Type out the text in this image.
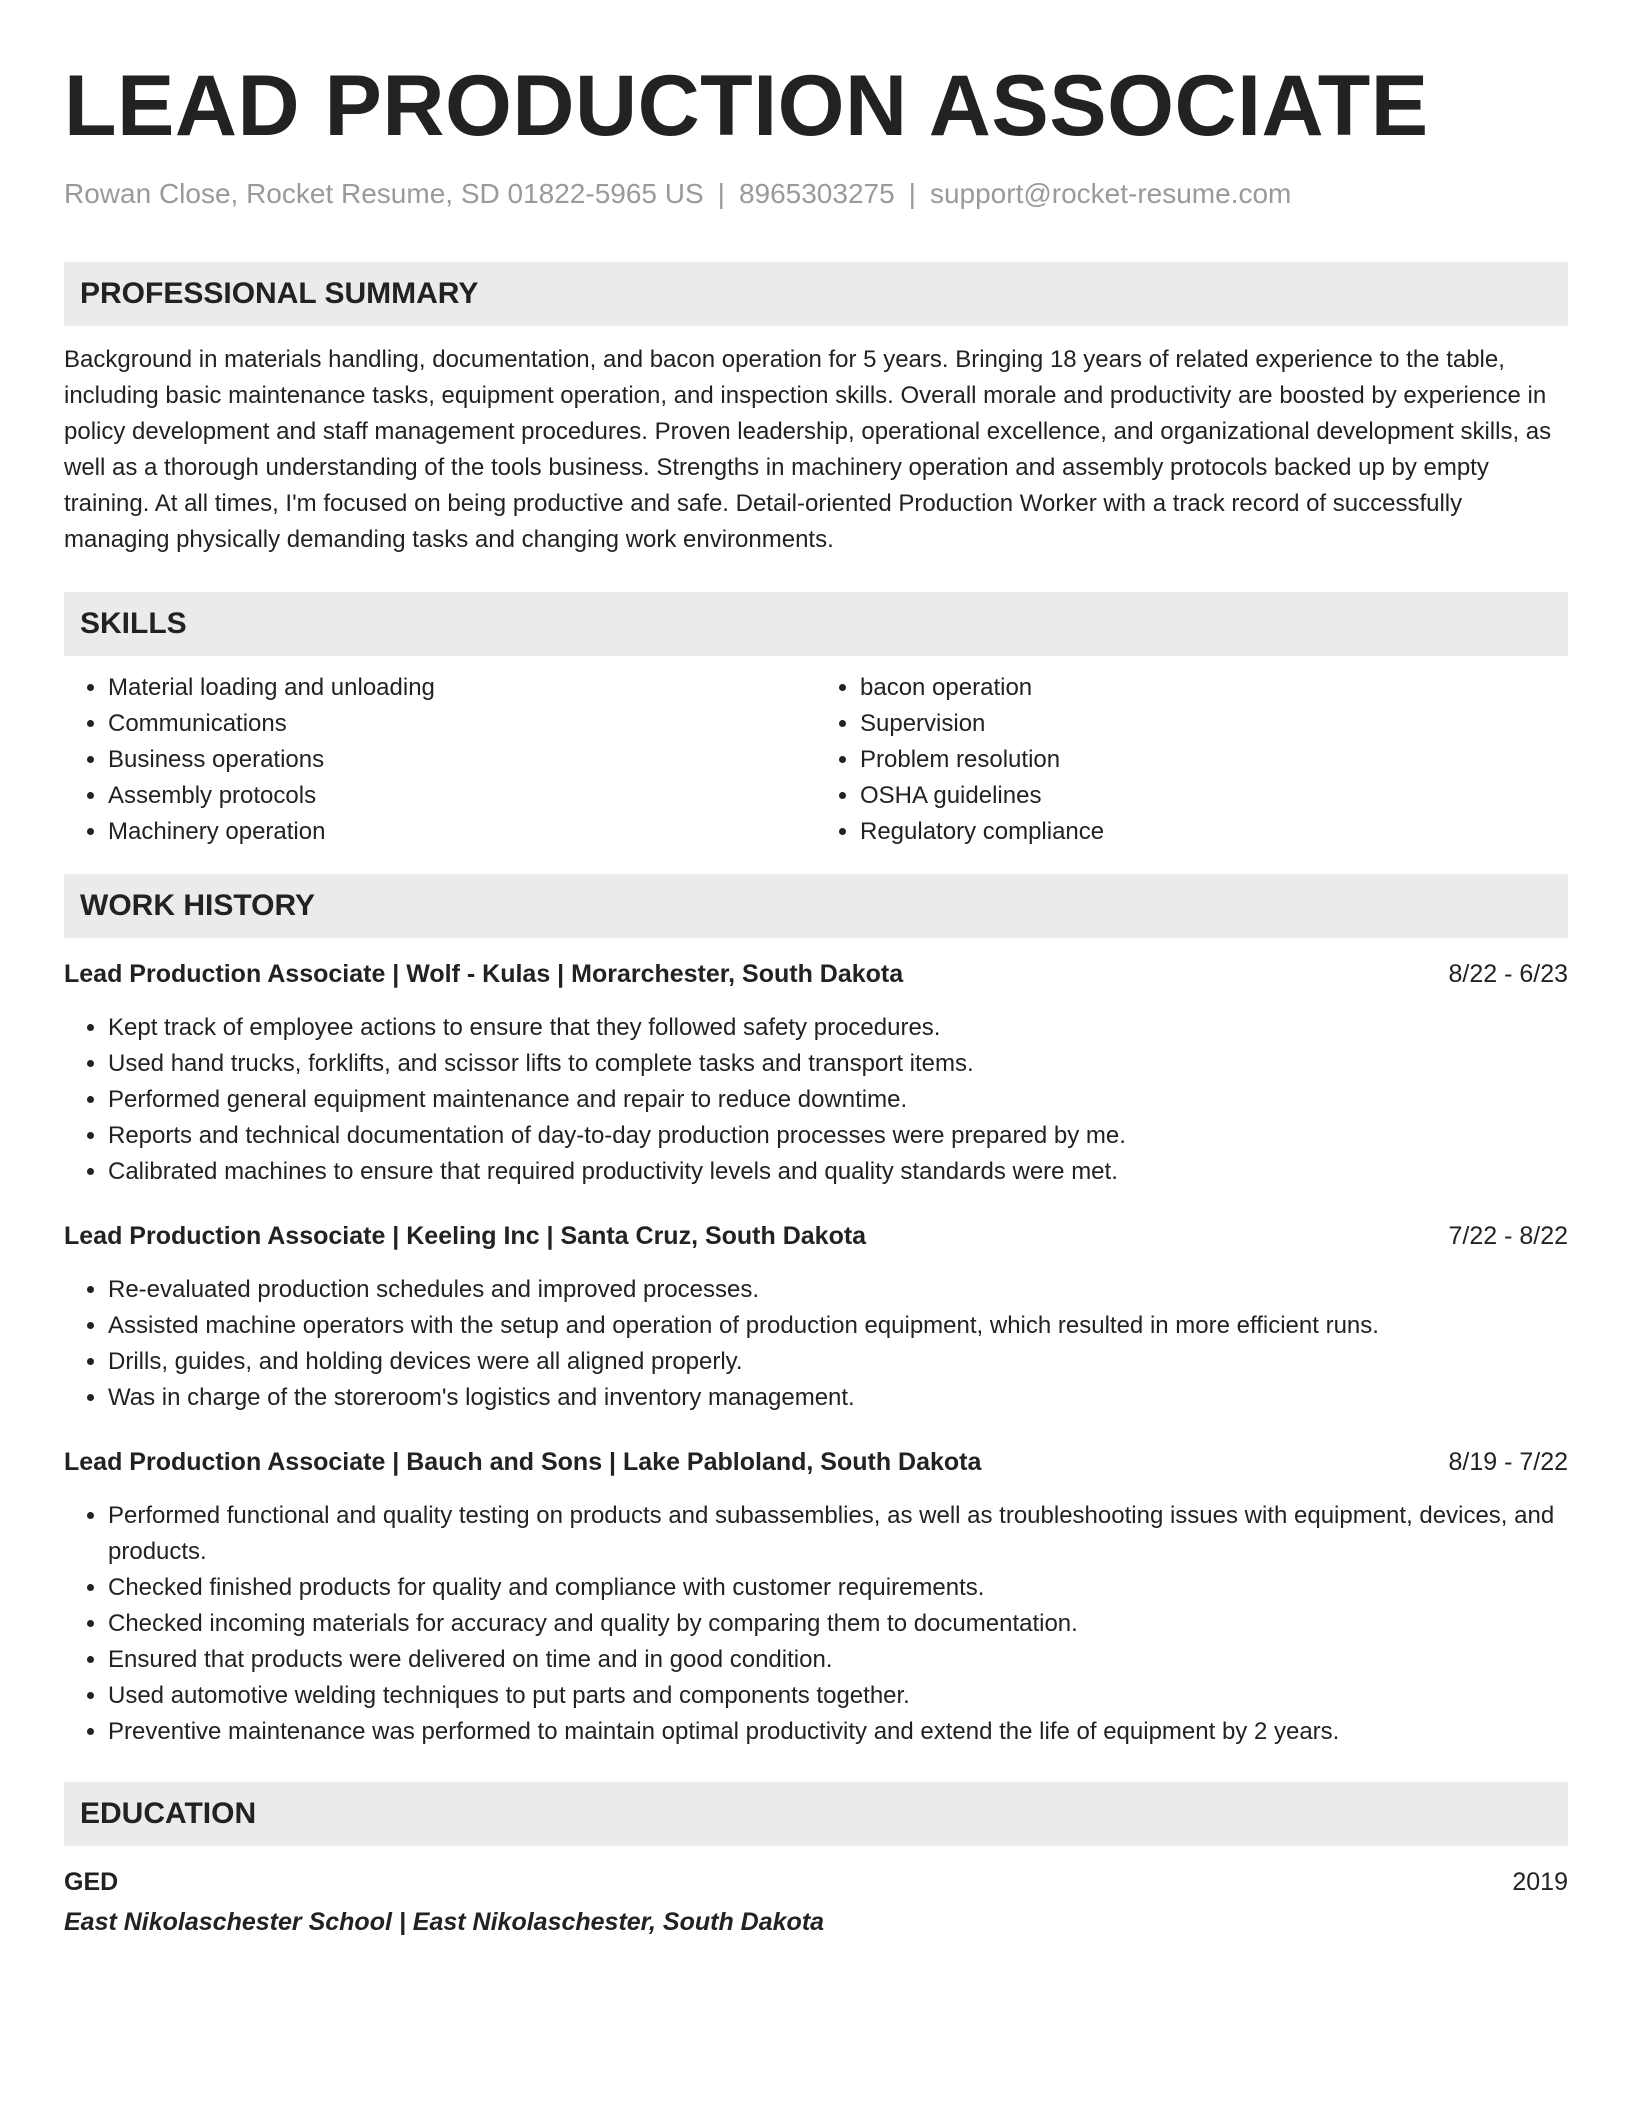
LEAD PRODUCTION ASSOCIATE
Rowan Close, Rocket Resume, SD 01822-5965 US | 8965303275 | support@rocket-resume.com
PROFESSIONAL SUMMARY
Background in materials handling, documentation, and bacon operation for 5 years. Bringing 18 years of related experience to the table, including basic maintenance tasks, equipment operation, and inspection skills. Overall morale and productivity are boosted by experience in policy development and staff management procedures. Proven leadership, operational excellence, and organizational development skills, as well as a thorough understanding of the tools business. Strengths in machinery operation and assembly protocols backed up by empty training. At all times, I'm focused on being productive and safe. Detail-oriented Production Worker with a track record of successfully managing physically demanding tasks and changing work environments.
SKILLS
• Material loading and unloading
• Communications
• Business operations
• Assembly protocols
• Machinery operation
• bacon operation
• Supervision
• Problem resolution
• OSHA guidelines
• Regulatory compliance
WORK HISTORY
Lead Production Associate | Wolf - Kulas | Morarchester, South Dakota	8/22 - 6/23
• Kept track of employee actions to ensure that they followed safety procedures.
• Used hand trucks, forklifts, and scissor lifts to complete tasks and transport items.
• Performed general equipment maintenance and repair to reduce downtime.
• Reports and technical documentation of day-to-day production processes were prepared by me.
• Calibrated machines to ensure that required productivity levels and quality standards were met.
Lead Production Associate | Keeling Inc | Santa Cruz, South Dakota	7/22 - 8/22
• Re-evaluated production schedules and improved processes.
• Assisted machine operators with the setup and operation of production equipment, which resulted in more efficient runs.
• Drills, guides, and holding devices were all aligned properly.
• Was in charge of the storeroom's logistics and inventory management.
Lead Production Associate | Bauch and Sons | Lake Pabloland, South Dakota	8/19 - 7/22
• Performed functional and quality testing on products and subassemblies, as well as troubleshooting issues with equipment, devices, and products.
• Checked finished products for quality and compliance with customer requirements.
• Checked incoming materials for accuracy and quality by comparing them to documentation.
• Ensured that products were delivered on time and in good condition.
• Used automotive welding techniques to put parts and components together.
• Preventive maintenance was performed to maintain optimal productivity and extend the life of equipment by 2 years.
EDUCATION
GED	2019
East Nikolaschester School | East Nikolaschester, South Dakota
